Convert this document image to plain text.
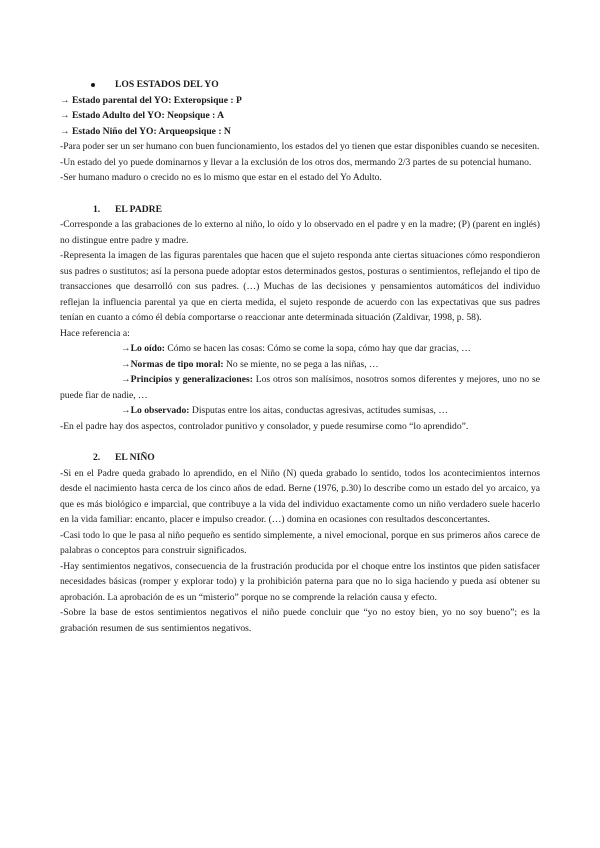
LOS ESTADOS DEL YO

→ Estado parental del YO: Exteropsique : P

→ Estado Adulto del YO: Neopsique : A

→ Estado Niño del YO: Arqueopsique : N

-Para poder ser un ser humano con buen funcionamiento, los estados del yo tienen que estar disponibles cuando se necesiten.

-Un estado del yo puede dominarnos y llevar a la exclusión de los otros dos, mermando 2/3 partes de su potencial humano.

-Ser humano maduro o crecido no es lo mismo que estar en el estado del Yo Adulto.

1. EL PADRE

-Corresponde a las grabaciones de lo externo al niño, lo oído y lo observado en el padre y en la madre; (P) (parent en inglés) no distingue entre padre y madre.

-Representa la imagen de las figuras parentales que hacen que el sujeto responda ante ciertas situaciones cómo respondieron sus padres o sustitutos; así la persona puede adoptar estos determinados gestos, posturas o sentimientos, reflejando el tipo de transacciones que desarrolló con sus padres. (…) Muchas de las decisiones y pensamientos automáticos del individuo reflejan la influencia parental ya que en cierta medida, el sujeto responde de acuerdo con las expectativas que sus padres tenían en cuanto a cómo él debía comportarse o reaccionar ante determinada situación (Zaldivar, 1998, p. 58).

Hace referencia a:

→Lo oído: Cómo se hacen las cosas: Cómo se come la sopa, cómo hay que dar gracias, …

→Normas de tipo moral: No se miente, no se pega a las niñas, …

→Principios y generalizaciones: Los otros son malísimos, nosotros somos diferentes y mejores, uno no se puede fiar de nadie, …

→Lo observado: Disputas entre los aitas, conductas agresivas, actitudes sumisas, …

-En el padre hay dos aspectos, controlador punitivo y consolador, y puede resumirse como “lo aprendido”.

2. EL NIÑO

-Si en el Padre queda grabado lo aprendido, en el Niño (N) queda grabado lo sentido, todos los acontecimientos internos desde el nacimiento hasta cerca de los cinco años de edad. Berne (1976, p.30) lo describe como un estado del yo arcaico, ya que es más biológico e imparcial, que contribuye a la vida del individuo exactamente como un niño verdadero suele hacerlo en la vida familiar: encanto, placer e impulso creador. (…) domina en ocasiones con resultados desconcertantes.

-Casi todo lo que le pasa al niño pequeño es sentido simplemente, a nivel emocional, porque en sus primeros años carece de palabras o conceptos para construir significados.

-Hay sentimientos negativos, consecuencia de la frustración producida por el choque entre los instintos que piden satisfacer necesidades básicas (romper y explorar todo) y la prohibición paterna para que no lo siga haciendo y pueda así obtener su aprobación. La aprobación de es un “misterio” porque no se comprende la relación causa y efecto.

-Sobre la base de estos sentimientos negativos el niño puede concluir que “yo no estoy bien, yo no soy bueno”; es la grabación resumen de sus sentimientos negativos.
